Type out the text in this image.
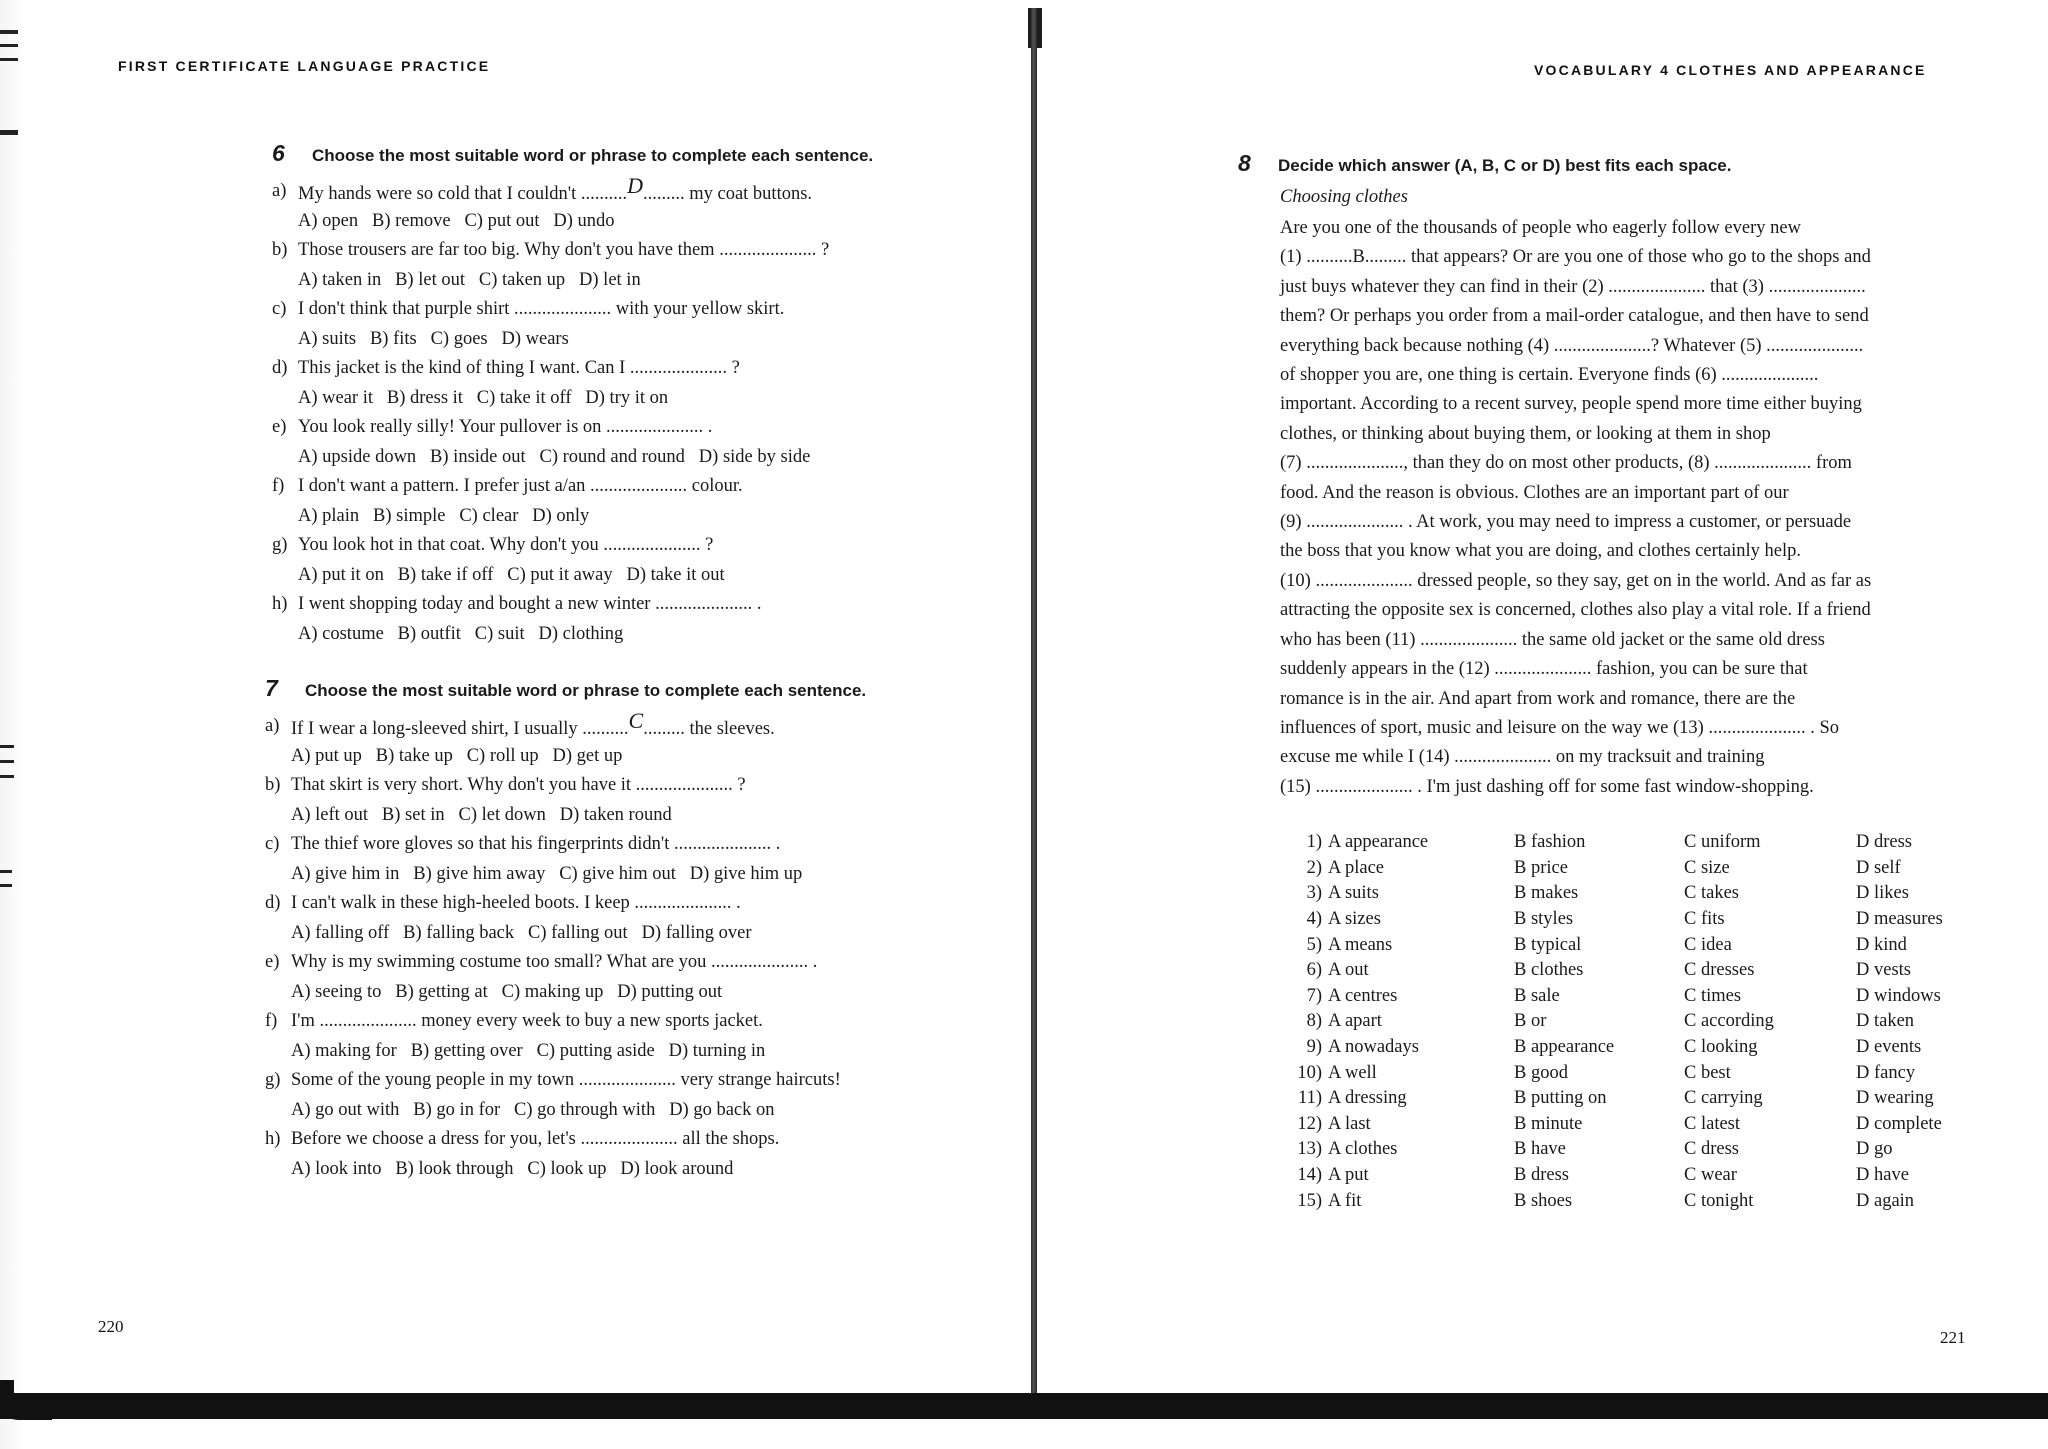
FIRST CERTIFICATE LANGUAGE PRACTICE	VOCABULARY 4 CLOTHES AND APPEARANCE
6	Choose the most suitable word or phrase to complete each sentence.
a) My hands were so cold that I couldn't ..........D......... my coat buttons.
A) open   B) remove   C) put out   D) undo
b) Those trousers are far too big. Why don't you have them ..................... ?
A) taken in   B) let out   C) taken up   D) let in
c) I don't think that purple shirt ..................... with your yellow skirt.
A) suits   B) fits   C) goes   D) wears
d) This jacket is the kind of thing I want. Can I ..................... ?
A) wear it   B) dress it   C) take it off   D) try it on
e) You look really silly! Your pullover is on ..................... .
A) upside down   B) inside out   C) round and round   D) side by side
f) I don't want a pattern. I prefer just a/an ..................... colour.
A) plain   B) simple   C) clear   D) only
g) You look hot in that coat. Why don't you ..................... ?
A) put it on   B) take if off   C) put it away   D) take it out
h) I went shopping today and bought a new winter ..................... .
A) costume   B) outfit   C) suit   D) clothing
7	Choose the most suitable word or phrase to complete each sentence.
a) If I wear a long-sleeved shirt, I usually ..........C......... the sleeves.
A) put up   B) take up   C) roll up   D) get up
b) That skirt is very short. Why don't you have it ..................... ?
A) left out   B) set in   C) let down   D) taken round
c) The thief wore gloves so that his fingerprints didn't ..................... .
A) give him in   B) give him away   C) give him out   D) give him up
d) I can't walk in these high-heeled boots. I keep ..................... .
A) falling off   B) falling back   C) falling out   D) falling over
e) Why is my swimming costume too small? What are you ..................... .
A) seeing to   B) getting at   C) making up   D) putting out
f) I'm ..................... money every week to buy a new sports jacket.
A) making for   B) getting over   C) putting aside   D) turning in
g) Some of the young people in my town ..................... very strange haircuts!
A) go out with   B) go in for   C) go through with   D) go back on
h) Before we choose a dress for you, let's ..................... all the shops.
A) look into   B) look through   C) look up   D) look around
8	Decide which answer (A, B, C or D) best fits each space.
Choosing clothes

Are you one of the thousands of people who eagerly follow every new

(1) ..........B......... that appears? Or are you one of those who go to the shops and

just buys whatever they can find in their (2) ..................... that (3) .....................

them? Or perhaps you order from a mail-order catalogue, and then have to send

everything back because nothing (4) .....................? Whatever (5) .....................

of shopper you are, one thing is certain. Everyone finds (6) .....................

important. According to a recent survey, people spend more time either buying

clothes, or thinking about buying them, or looking at them in shop

(7) ....................., than they do on most other products, (8) ..................... from

food. And the reason is obvious. Clothes are an important part of our

(9) ..................... . At work, you may need to impress a customer, or persuade

the boss that you know what you are doing, and clothes certainly help.

(10) ..................... dressed people, so they say, get on in the world. And as far as

attracting the opposite sex is concerned, clothes also play a vital role. If a friend

who has been (11) ..................... the same old jacket or the same old dress

suddenly appears in the (12) ..................... fashion, you can be sure that

romance is in the air. And apart from work and romance, there are the

influences of sport, music and leisure on the way we (13) ..................... . So

excuse me while I (14) ..................... on my tracksuit and training

(15) ..................... . I'm just dashing off for some fast window-shopping.

1) A appearance	B fashion	C uniform	D dress
2) A place	B price	C size	D self
3) A suits	B makes	C takes	D likes
4) A sizes	B styles	C fits	D measures
5) A means	B typical	C idea	D kind
6) A out	B clothes	C dresses	D vests
7) A centres	B sale	C times	D windows
8) A apart	B or	C according	D taken
9) A nowadays	B appearance	C looking	D events
10) A well	B good	C best	D fancy
11) A dressing	B putting on	C carrying	D wearing
12) A last	B minute	C latest	D complete
13) A clothes	B have	C dress	D go
14) A put	B dress	C wear	D have
15) A fit	B shoes	C tonight	D again
220
221
